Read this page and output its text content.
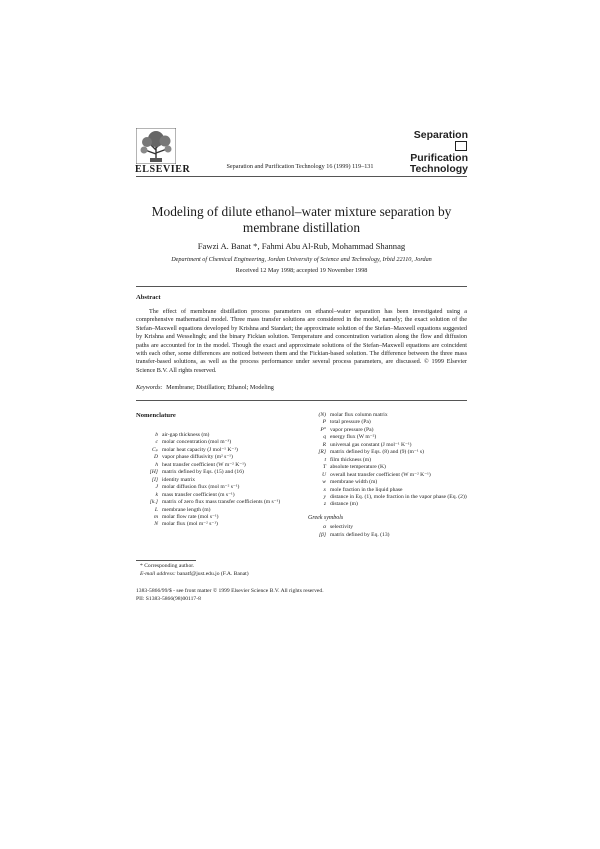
ELSEVIER	Separation and Purification Technology 16 (1999) 119–131
Separation
Purification
Technology
Modeling of dilute ethanol–water mixture separation by membrane distillation
Fawzi A. Banat *, Fahmi Abu Al-Rub, Mohammad Shannag
Department of Chemical Engineering, Jordan University of Science and Technology, Irbid 22110, Jordan
Received 12 May 1998; accepted 19 November 1998
Abstract
The effect of membrane distillation process parameters on ethanol–water separation has been investigated using a comprehensive mathematical model. Three mass transfer solutions are considered in the model, namely; the exact solution of the Stefan–Maxwell equations developed by Krishna and Standart; the approximate solution of the Stefan–Maxwell equations suggested by Krishna and Wesselingh; and the binary Fickian solution. Temperature and concentration variation along the flow and diffusion paths are accounted for in the model. Though the exact and approximate solutions of the Stefan–Maxwell equations are coincident with each other, some differences are noticed between them and the Fickian-based solution. The difference between the three mass transfer-based solutions, as well as the process performance under several process parameters, are discussed. © 1999 Elsevier Science B.V. All rights reserved.
Keywords: Membrane; Distillation; Ethanol; Modeling
Nomenclature
b air-gap thickness (m)
c molar concentration (mol m⁻³)
Cₚ molar heat capacity (J mol⁻¹ K⁻¹)
D vapor phase diffusivity (m² s⁻¹)
h heat transfer coefficient (W m⁻² K⁻¹)
[H] matrix defined by Eqs. (15) and (16)
[I] identity matrix
J molar diffusion flux (mol m⁻² s⁻¹)
k mass transfer coefficient (m s⁻¹)
[k.] matrix of zero flux mass transfer coefficients (m s⁻¹)
L membrane length (m)
m molar flow rate (mol s⁻¹)
N molar flux (mol m⁻² s⁻¹)
(N) molar flux column matrix
P total pressure (Pa)
P° vapor pressure (Pa)
q energy flux (W m⁻²)
R universal gas constant (J mol⁻¹ K⁻¹)
[R] matrix defined by Eqs. (8) and (9) (m⁻¹ s)
t film thickness (m)
T absolute temperature (K)
U overall heat transfer coefficient (W m⁻² K⁻¹)
w membrane width (m)
x mole fraction in the liquid phase
y distance in Eq. (1), mole fraction in the vapor phase (Eq. (2))
z distance (m)
Greek symbols
α selectivity
[β] matrix defined by Eq. (13)
* Corresponding author.
E-mail address: banatf@just.edu.jo (F.A. Banat)
1383-5866/99/$ - see front matter © 1999 Elsevier Science B.V. All rights reserved.
PII: S1383-5866(98)00117-8
